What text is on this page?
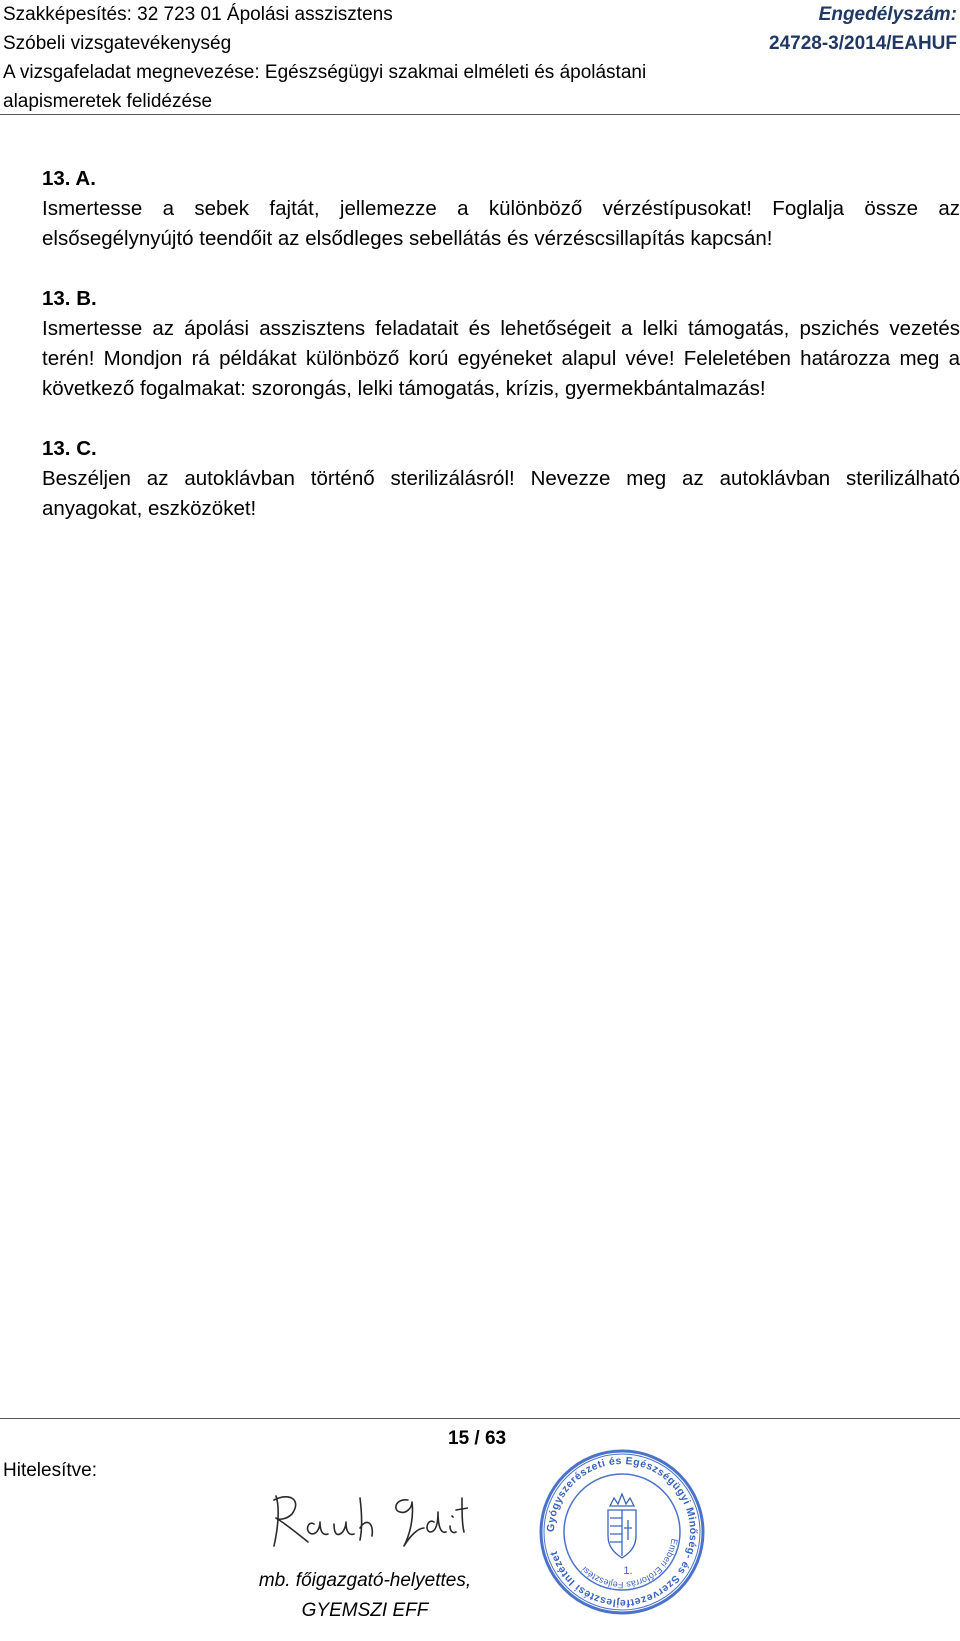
Szakképesítés: 32 723 01 Ápolási asszisztens	Engedélyszám:
Szóbeli vizsgatevékenység	24728-3/2014/EAHUF
A vizsgafeladat megnevezése: Egészségügyi szakmai elméleti és ápolástani
alapismeretek felidézése
13. A.
Ismertesse a sebek fajtát, jellemezze a különböző vérzéstípusokat! Foglalja össze az elsősegélynyújtó teendőit az elsődleges sebellátás és vérzéscsillapítás kapcsán!
13. B.
Ismertesse az ápolási asszisztens feladatait és lehetőségeit a lelki támogatás, pszichés vezetés terén! Mondjon rá példákat különböző korú egyéneket alapul véve! Feleletében határozza meg a következő fogalmakat: szorongás, lelki támogatás, krízis, gyermekbántalmazás!
13. C.
Beszéljen az autoklávban történő sterilizálásról! Nevezze meg az autoklávban sterilizálható anyagokat, eszközöket!
15 / 63
Hitelesítve:
mb. főigazgató-helyettes,
GYEMSZI EFF
Gyógyszerészeti és Egészségügyi Minőség- és Szervezetfejlesztési Intézet
Emberi Erőforrás Fejlesztési	1.
